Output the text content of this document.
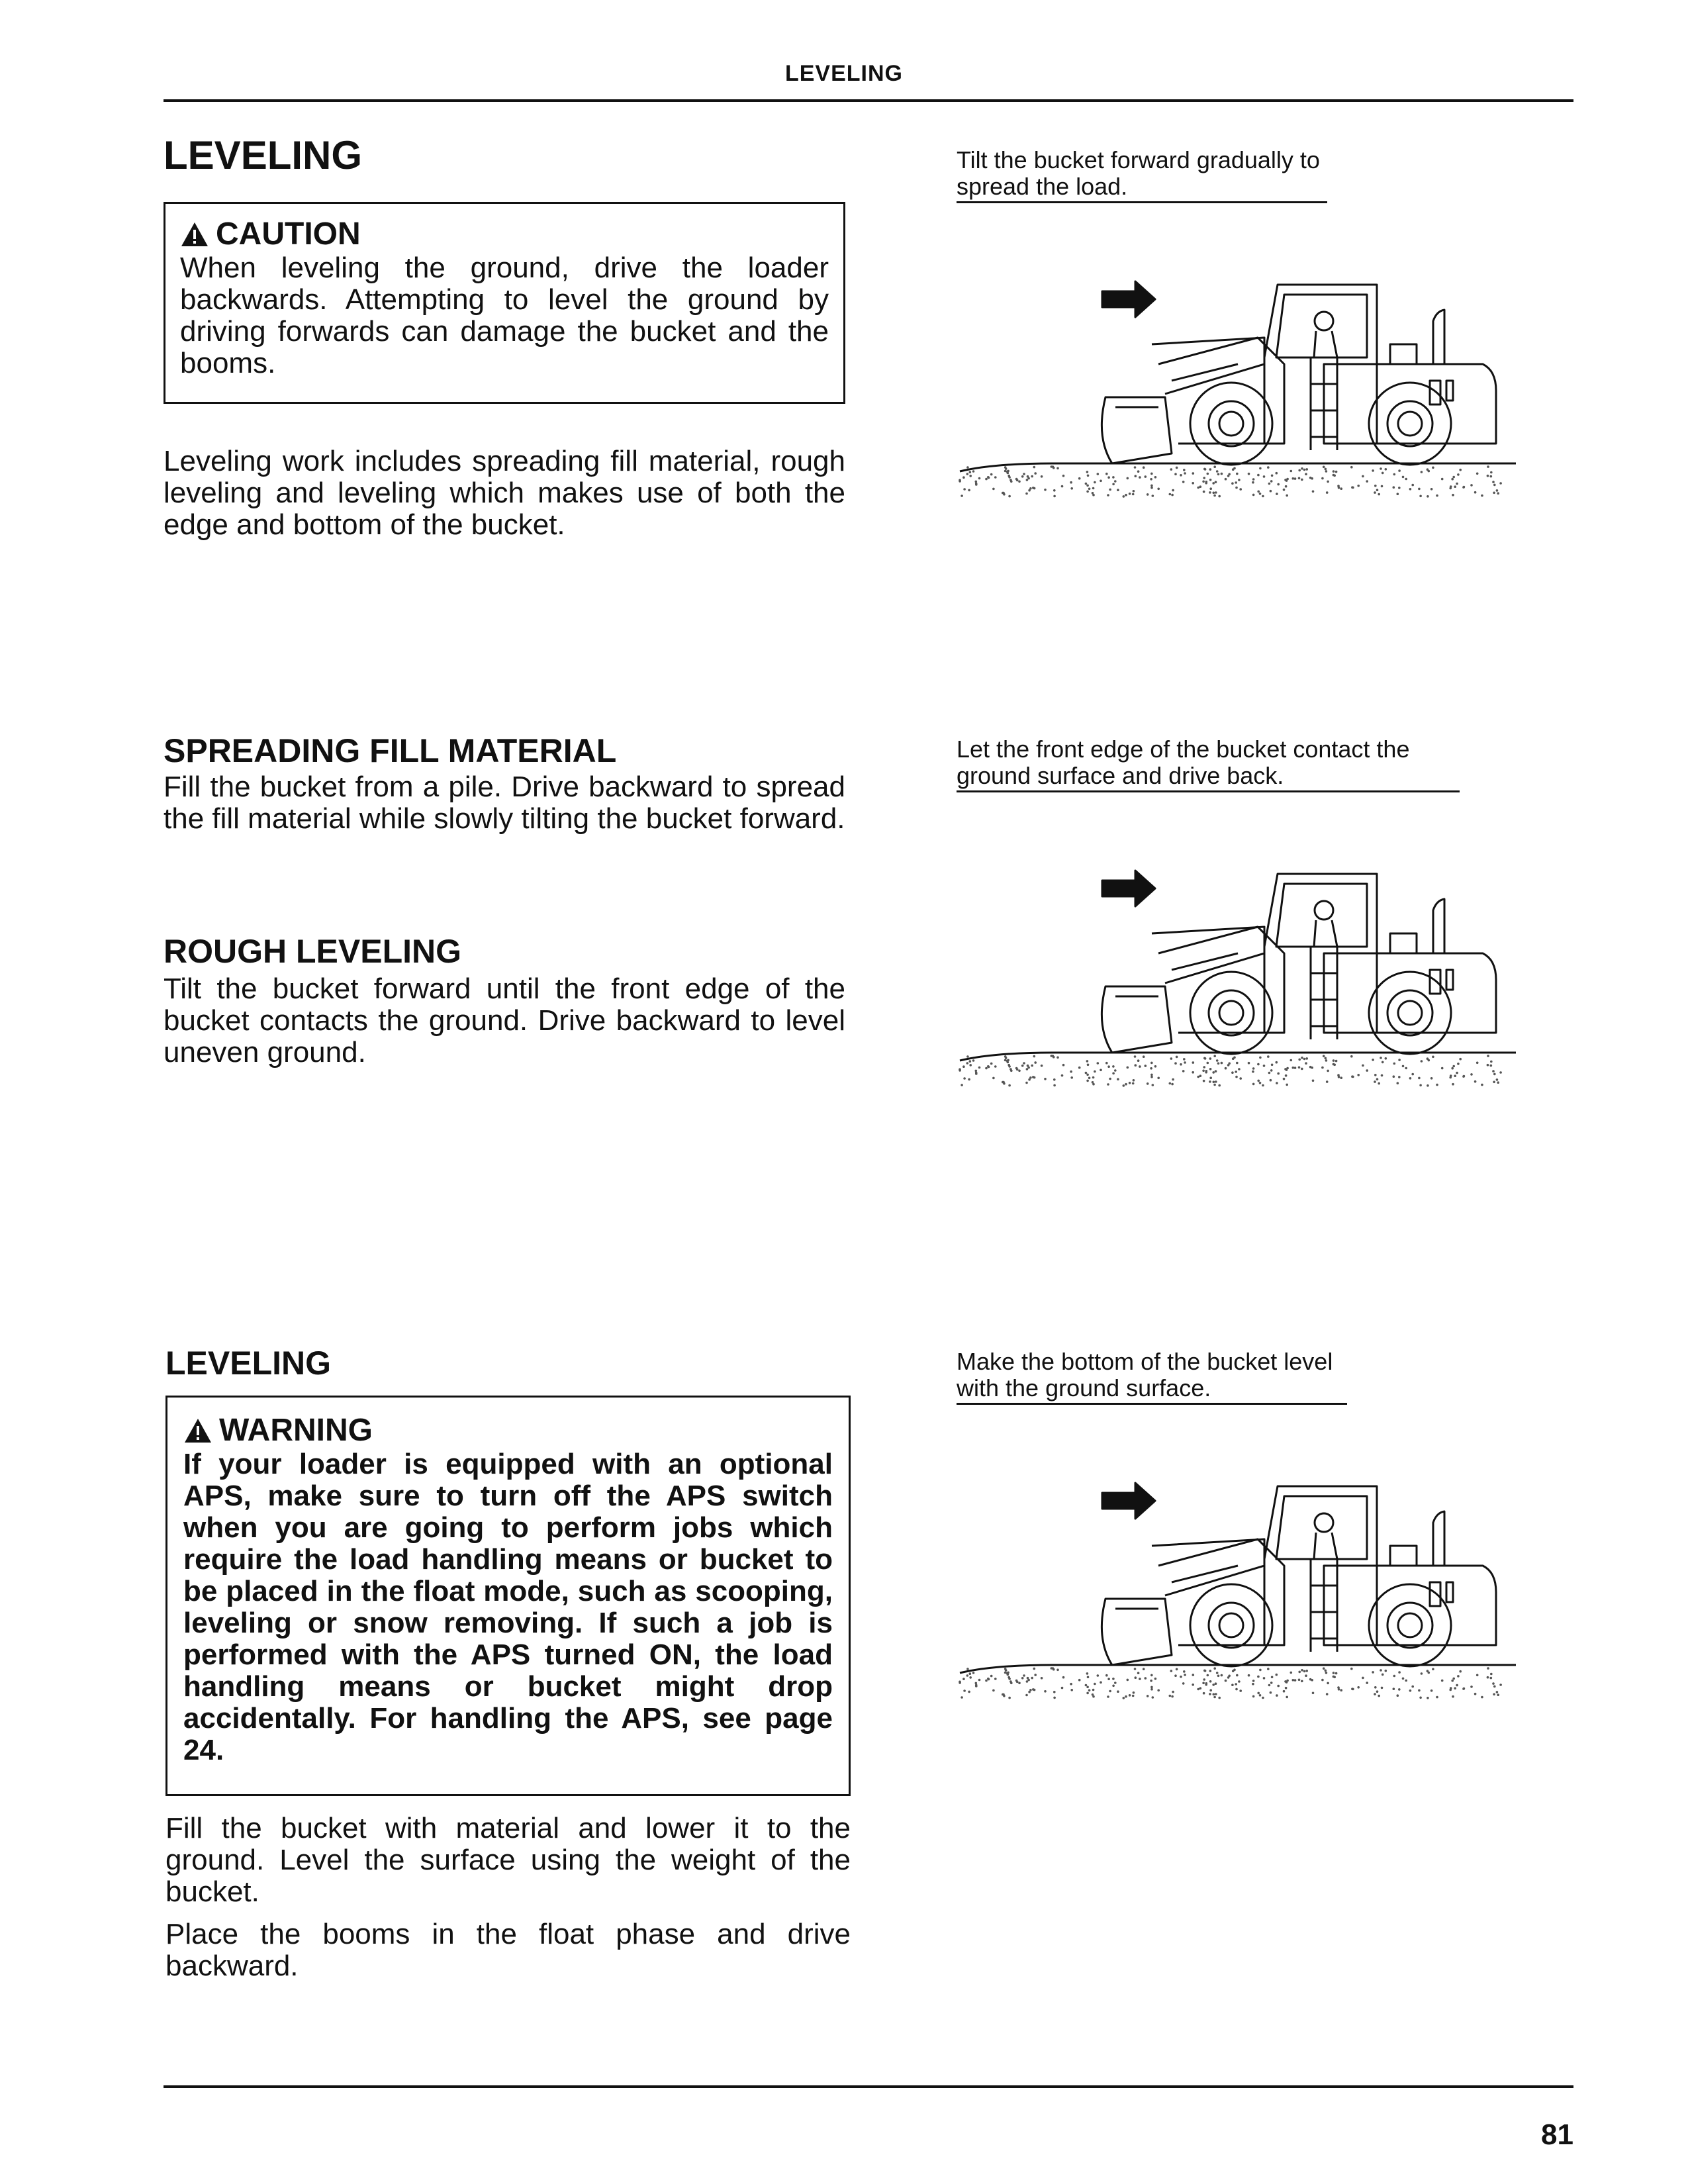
LEVELING
LEVELING
CAUTION
When leveling the ground, drive the loader backwards. Attempting to level the ground by driving forwards can damage the bucket and the booms.
Leveling work includes spreading fill material, rough leveling and leveling which makes use of both the edge and bottom of the bucket.
SPREADING FILL MATERIAL
Fill the bucket from a pile. Drive backward to spread the fill material while slowly tilting the bucket forward.
ROUGH LEVELING
Tilt the bucket forward until the front edge of the bucket contacts the ground. Drive backward to level uneven ground.
LEVELING
WARNING
If your loader is equipped with an optional APS, make sure to turn off the APS switch when you are going to perform jobs which require the load handling means or bucket to be placed in the float mode, such as scooping, leveling or snow removing. If such a job is performed with the APS turned ON, the load handling means or bucket might drop accidentally. For handling the APS, see page 24.
Fill the bucket with material and lower it to the ground. Level the surface using the weight of the bucket.
Place the booms in the float phase and drive backward.
Tilt the bucket forward gradually to spread the load.
Let the front edge of the bucket contact the ground surface and drive back.
Make the bottom of the bucket level with the ground surface.
81
